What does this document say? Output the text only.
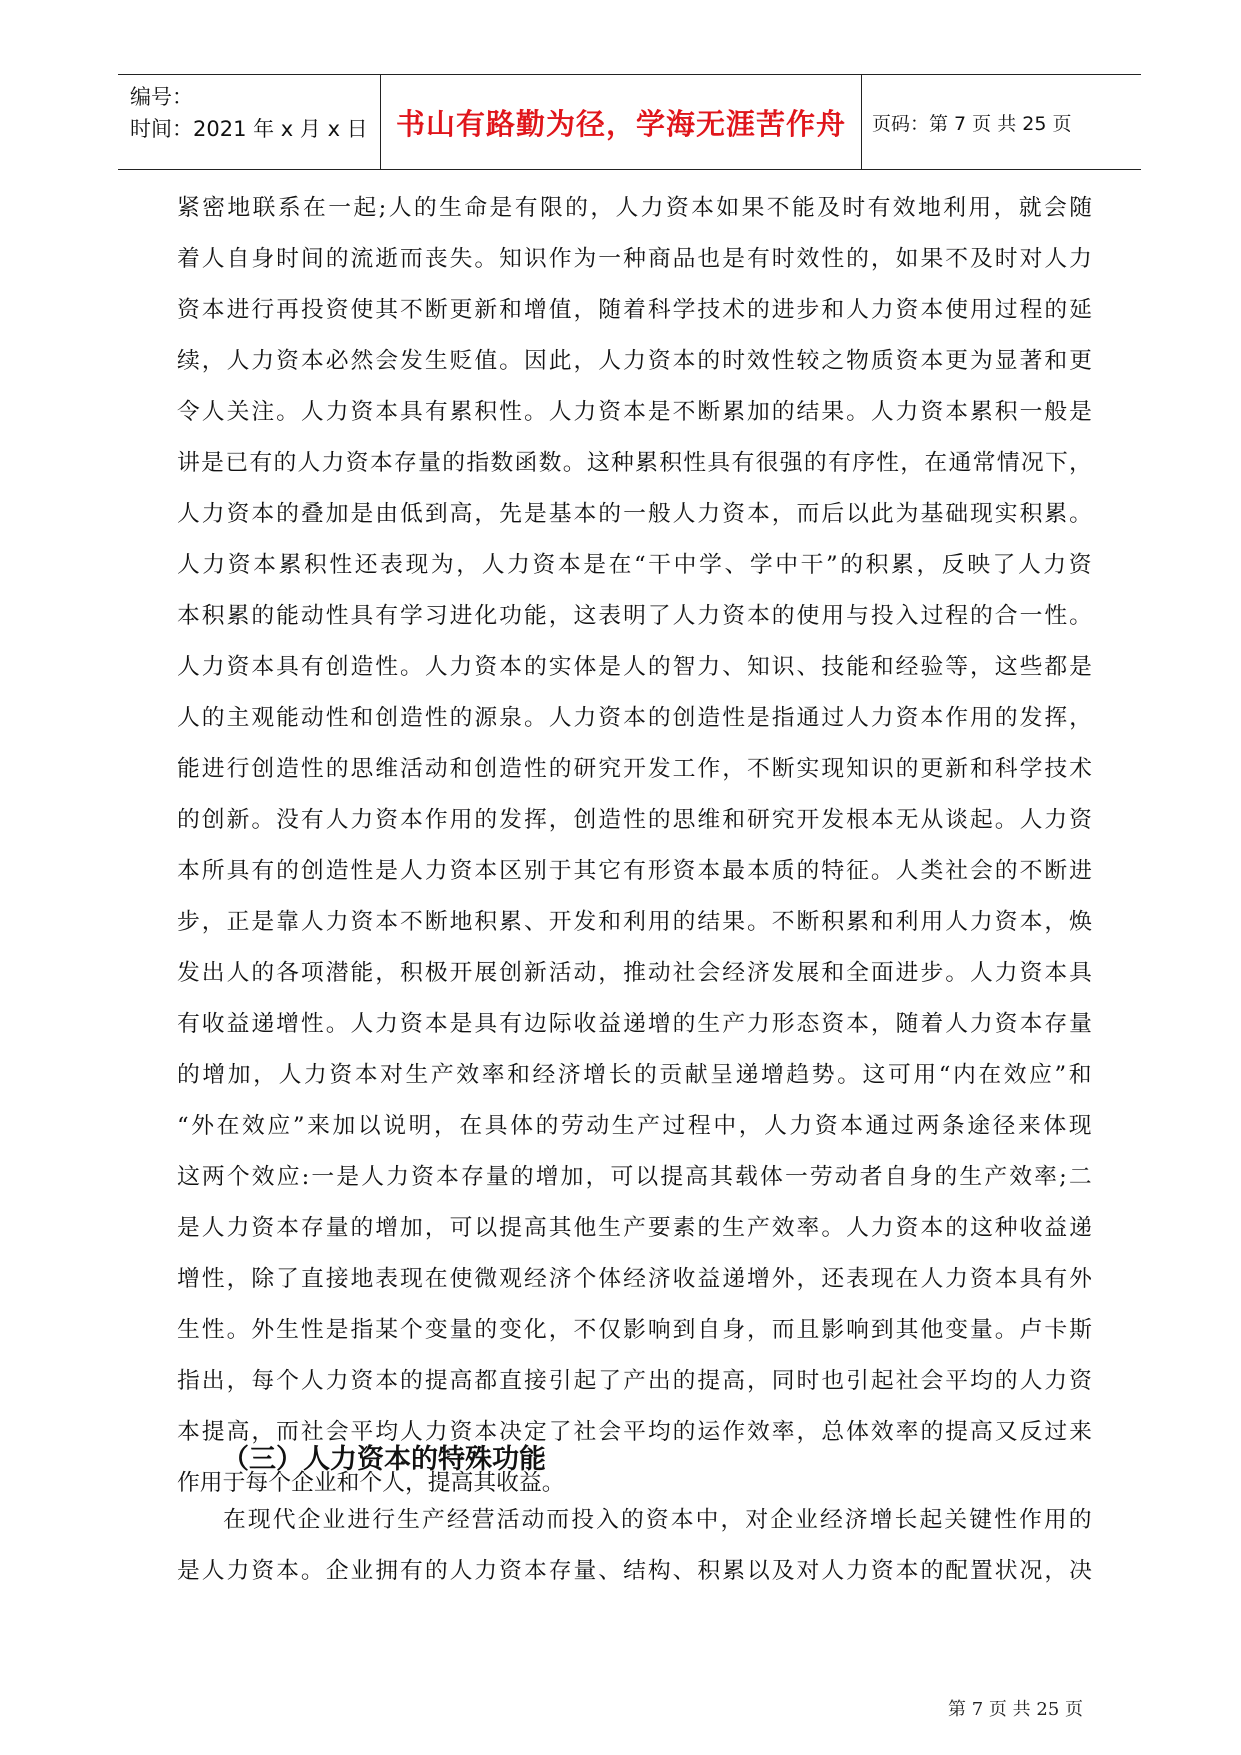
编号：
时间：2021 年 x 月 x 日 书山有路勤为径，学海无涯苦作舟 页码：第 7 页 共 25 页
紧 密 地 联 系 在 一 起 ; 人 的 生 命 是 有 限 的 ， 人 力 资 本 如 果 不 能 及 时 有 效 地 利 用 ， 就 会 随
着 人 自 身 时 间 的 流 逝 而 丧 失 。 知 识 作 为 一 种 商 品 也 是 有 时 效 性 的 ， 如 果 不 及 时 对 人 力
资 本 进 行 再 投 资 使 其 不 断 更 新 和 增 值 ， 随 着 科 学 技 术 的 进 步 和 人 力 资 本 使 用 过 程 的 延
续 ， 人 力 资 本 必 然 会 发 生 贬 值 。 因 此 ， 人 力 资 本 的 时 效 性 较 之 物 质 资 本 更 为 显 著 和 更
令 人 关 注 。 人 力 资 本 具 有 累 积 性 。 人 力 资 本 是 不 断 累 加 的 结 果 。 人 力 资 本 累 积 一 般 是
讲 是 已 有 的 人 力 资 本 存 量 的 指 数 函 数 。 这 种 累 积 性 具 有 很 强 的 有 序 性 ， 在 通 常 情 况 下 ，
人 力 资 本 的 叠 加 是 由 低 到 高 ， 先 是 基 本 的 一 般 人 力 资 本 ， 而 后 以 此 为 基 础 现 实 积 累 。
人 力 资 本 累 积 性 还 表 现 为 ， 人 力 资 本 是 在 “ 干 中 学 、 学 中 干 ” 的 积 累 ， 反 映 了 人 力 资
本 积 累 的 能 动 性 具 有 学 习 进 化 功 能 ， 这 表 明 了 人 力 资 本 的 使 用 与 投 入 过 程 的 合 一 性 。
人 力 资 本 具 有 创 造 性 。 人 力 资 本 的 实 体 是 人 的 智 力 、 知 识 、 技 能 和 经 验 等 ， 这 些 都 是
人 的 主 观 能 动 性 和 创 造 性 的 源 泉 。 人 力 资 本 的 创 造 性 是 指 通 过 人 力 资 本 作 用 的 发 挥 ，
能 进 行 创 造 性 的 思 维 活 动 和 创 造 性 的 研 究 开 发 工 作 ， 不 断 实 现 知 识 的 更 新 和 科 学 技 术
的 创 新 。 没 有 人 力 资 本 作 用 的 发 挥 ， 创 造 性 的 思 维 和 研 究 开 发 根 本 无 从 谈 起 。 人 力 资
本 所 具 有 的 创 造 性 是 人 力 资 本 区 别 于 其 它 有 形 资 本 最 本 质 的 特 征 。 人 类 社 会 的 不 断 进
步 ， 正 是 靠 人 力 资 本 不 断 地 积 累 、 开 发 和 利 用 的 结 果 。 不 断 积 累 和 利 用 人 力 资 本 ， 焕
发 出 人 的 各 项 潜 能 ， 积 极 开 展 创 新 活 动 ， 推 动 社 会 经 济 发 展 和 全 面 进 步 。 人 力 资 本 具
有 收 益 递 增 性 。 人 力 资 本 是 具 有 边 际 收 益 递 增 的 生 产 力 形 态 资 本 ， 随 着 人 力 资 本 存 量
的 增 加 ， 人 力 资 本 对 生 产 效 率 和 经 济 增 长 的 贡 献 呈 递 增 趋 势 。 这 可 用 “ 内 在 效 应 ” 和
“ 外 在 效 应 ” 来 加 以 说 明 ， 在 具 体 的 劳 动 生 产 过 程 中 ， 人 力 资 本 通 过 两 条 途 径 来 体 现
这 两 个 效 应 : 一 是 人 力 资 本 存 量 的 增 加 ， 可 以 提 高 其 载 体 一 劳 动 者 自 身 的 生 产 效 率 ; 二
是 人 力 资 本 存 量 的 增 加 ， 可 以 提 高 其 他 生 产 要 素 的 生 产 效 率 。 人 力 资 本 的 这 种 收 益 递
增 性 ， 除 了 直 接 地 表 现 在 使 微 观 经 济 个 体 经 济 收 益 递 增 外 ， 还 表 现 在 人 力 资 本 具 有 外
生 性 。 外 生 性 是 指 某 个 变 量 的 变 化 ， 不 仅 影 响 到 自 身 ， 而 且 影 响 到 其 他 变 量 。 卢 卡 斯
指 出 ， 每 个 人 力 资 本 的 提 高 都 直 接 引 起 了 产 出 的 提 高 ， 同 时 也 引 起 社 会 平 均 的 人 力 资
本 提 高 ， 而 社 会 平 均 人 力 资 本 决 定 了 社 会 平 均 的 运 作 效 率 ， 总 体 效 率 的 提 高 又 反 过 来
作用于每个企业和个人，提高其收益。
（三）人力资本的特殊功能
在 现 代 企 业 进 行 生 产 经 营 活 动 而 投 入 的 资 本 中 ， 对 企 业 经 济 增 长 起 关 键 性 作 用 的
是 人 力 资 本 。 企 业 拥 有 的 人 力 资 本 存 量 、 结 构 、 积 累 以 及 对 人 力 资 本 的 配 置 状 况 ， 决
第 7 页 共 25 页
